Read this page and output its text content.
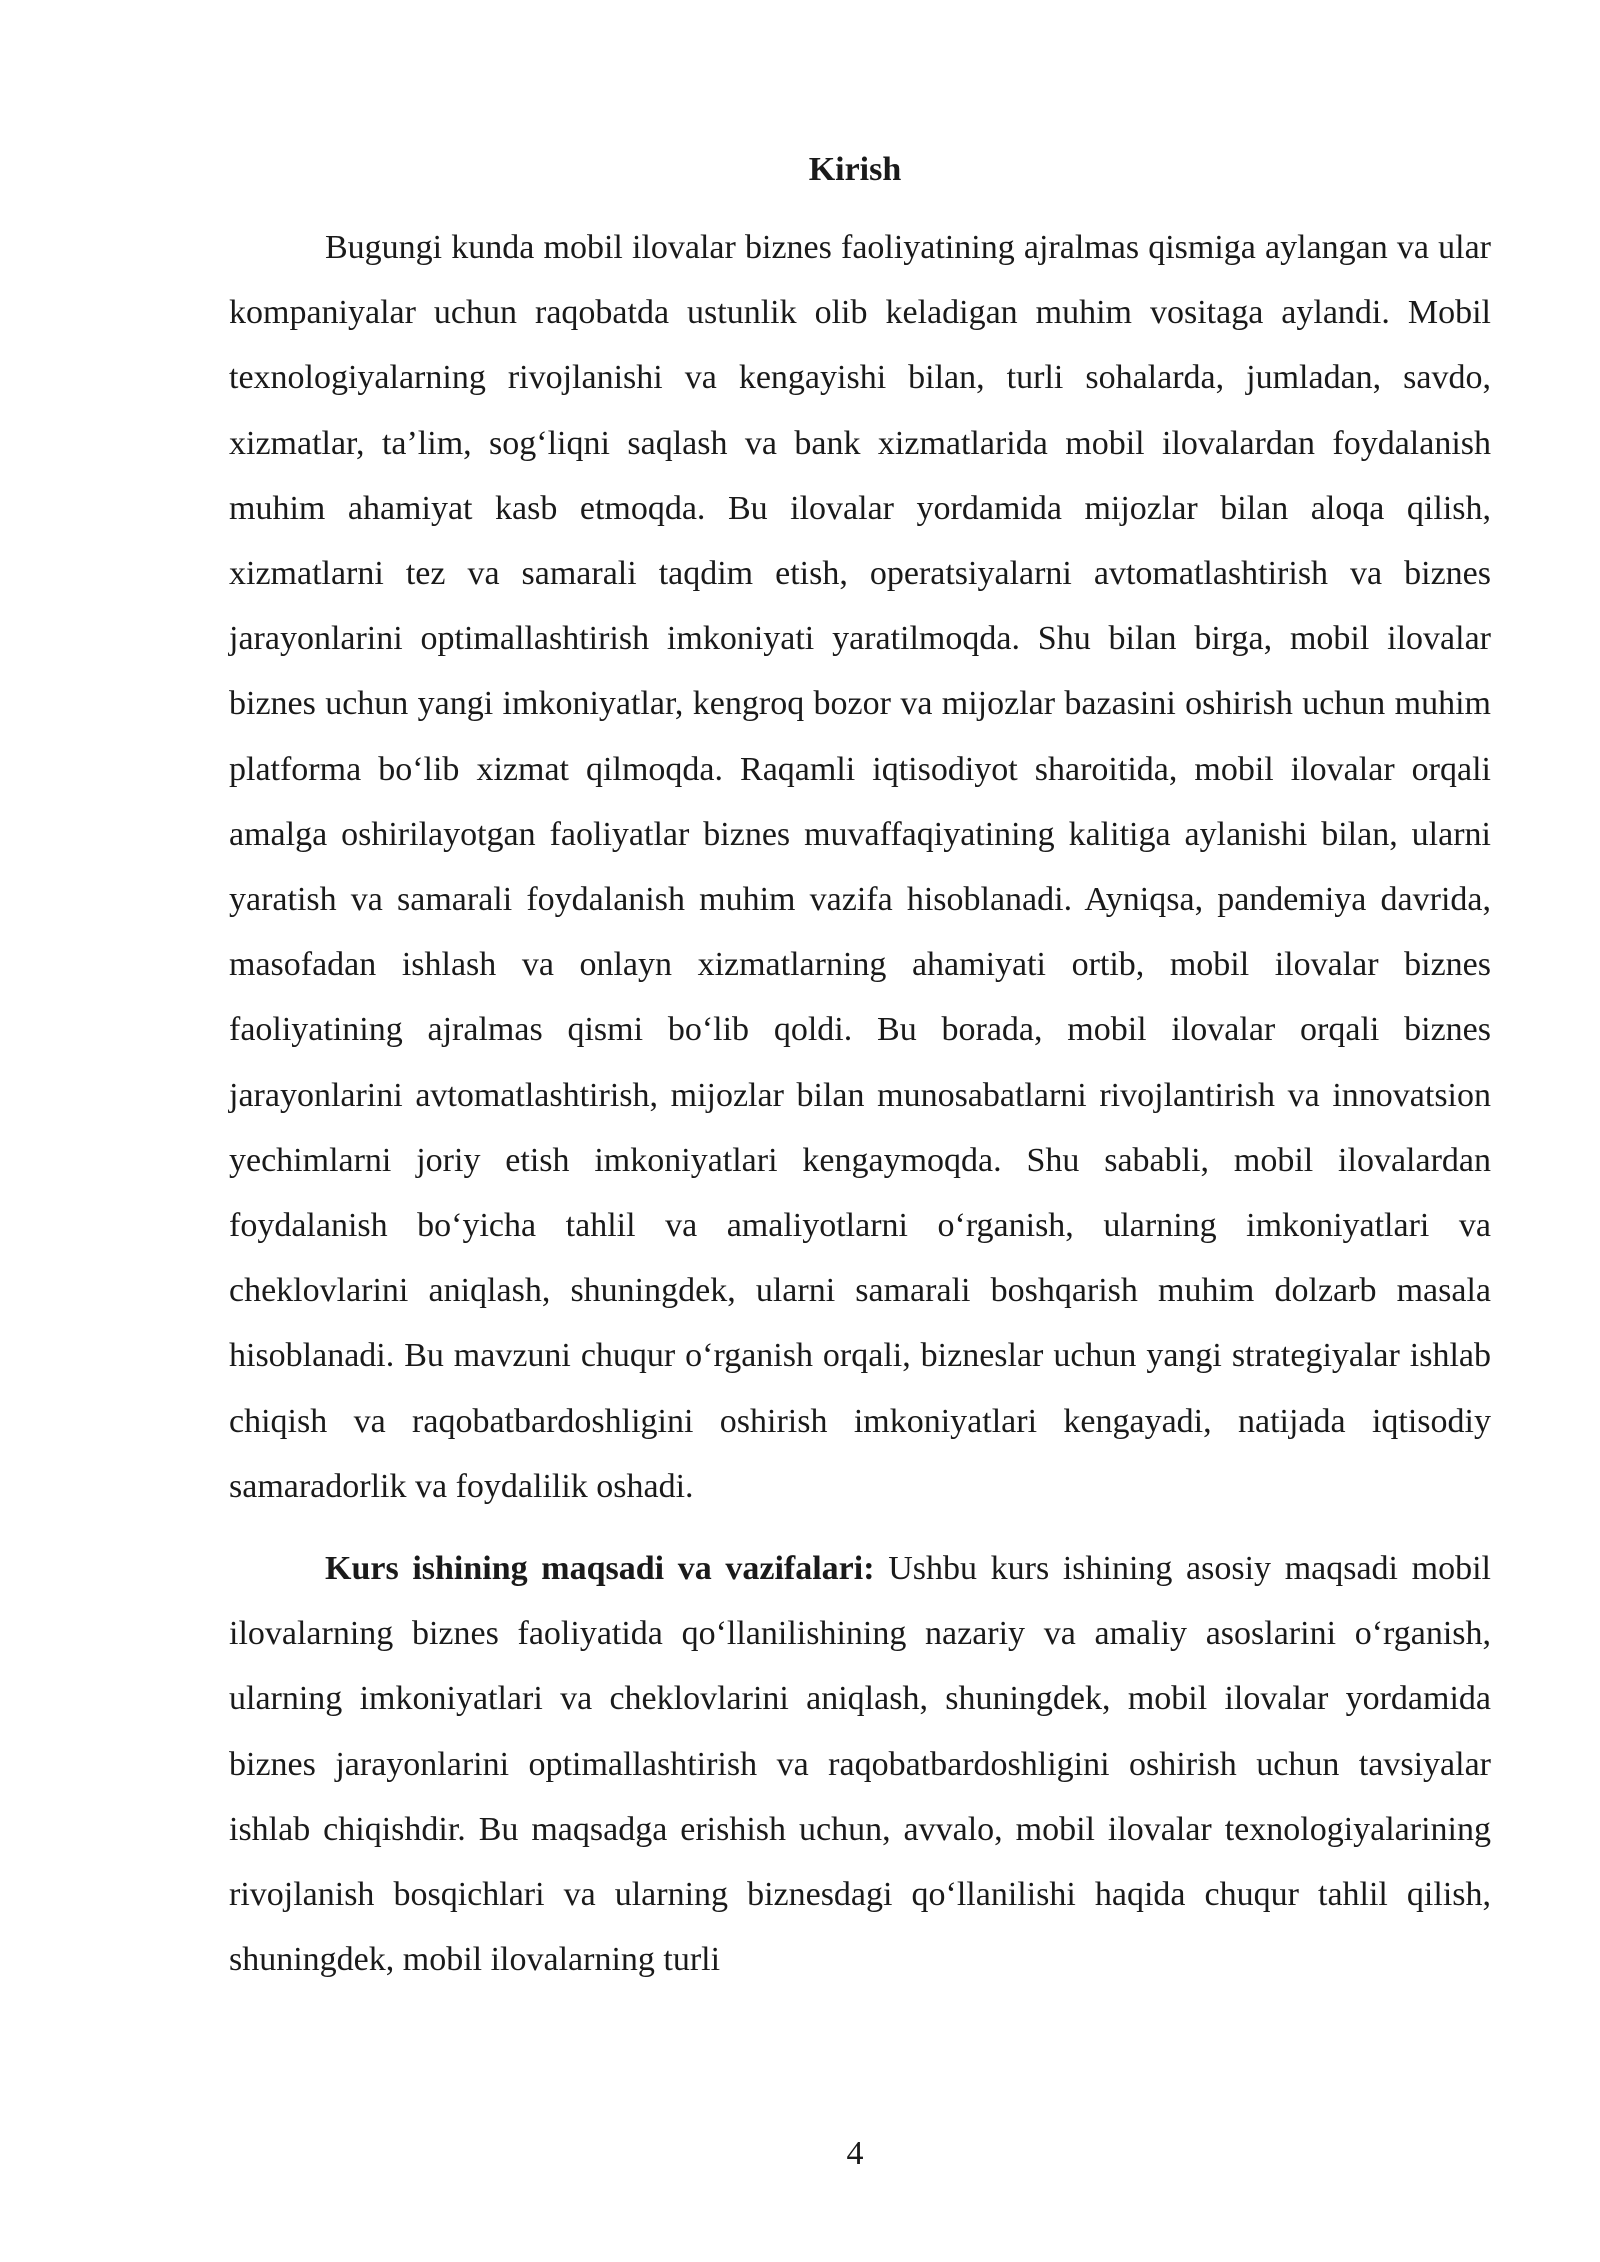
Kirish

Bugungi kunda mobil ilovalar biznes faoliyatining ajralmas qismiga aylangan va ular kompaniyalar uchun raqobatda ustunlik olib keladigan muhim vositaga aylandi. Mobil texnologiyalarning rivojlanishi va kengayishi bilan, turli sohalarda, jumladan, savdo, xizmatlar, ta’lim, sog‘liqni saqlash va bank xizmatlarida mobil ilovalardan foydalanish muhim ahamiyat kasb etmoqda. Bu ilovalar yordamida mijozlar bilan aloqa qilish, xizmatlarni tez va samarali taqdim etish, operatsiyalarni avtomatlashtirish va biznes jarayonlarini optimallashtirish imkoniyati yaratilmoqda. Shu bilan birga, mobil ilovalar biznes uchun yangi imkoniyatlar, kengroq bozor va mijozlar bazasini oshirish uchun muhim platforma bo‘lib xizmat qilmoqda. Raqamli iqtisodiyot sharoitida, mobil ilovalar orqali amalga oshirilayotgan faoliyatlar biznes muvaffaqiyatining kalitiga aylanishi bilan, ularni yaratish va samarali foydalanish muhim vazifa hisoblanadi. Ayniqsa, pandemiya davrida, masofadan ishlash va onlayn xizmatlarning ahamiyati ortib, mobil ilovalar biznes faoliyatining ajralmas qismi bo‘lib qoldi. Bu borada, mobil ilovalar orqali biznes jarayonlarini avtomatlashtirish, mijozlar bilan munosabatlarni rivojlantirish va innovatsion yechimlarni joriy etish imkoniyatlari kengaymoqda. Shu sababli, mobil ilovalardan foydalanish bo‘yicha tahlil va amaliyotlarni o‘rganish, ularning imkoniyatlari va cheklovlarini aniqlash, shuningdek, ularni samarali boshqarish muhim dolzarb masala hisoblanadi. Bu mavzuni chuqur o‘rganish orqali, bizneslar uchun yangi strategiyalar ishlab chiqish va raqobatbardoshligini oshirish imkoniyatlari kengayadi, natijada iqtisodiy samaradorlik va foydalilik oshadi.

Kurs ishining maqsadi va vazifalari: Ushbu kurs ishining asosiy maqsadi mobil ilovalarning biznes faoliyatida qo‘llanilishining nazariy va amaliy asoslarini o‘rganish, ularning imkoniyatlari va cheklovlarini aniqlash, shuningdek, mobil ilovalar yordamida biznes jarayonlarini optimallashtirish va raqobatbardoshligini oshirish uchun tavsiyalar ishlab chiqishdir. Bu maqsadga erishish uchun, avvalo, mobil ilovalar texnologiyalarining rivojlanish bosqichlari va ularning biznesdagi qo‘llanilishi haqida chuqur tahlil qilish, shuningdek, mobil ilovalarning turli

4
